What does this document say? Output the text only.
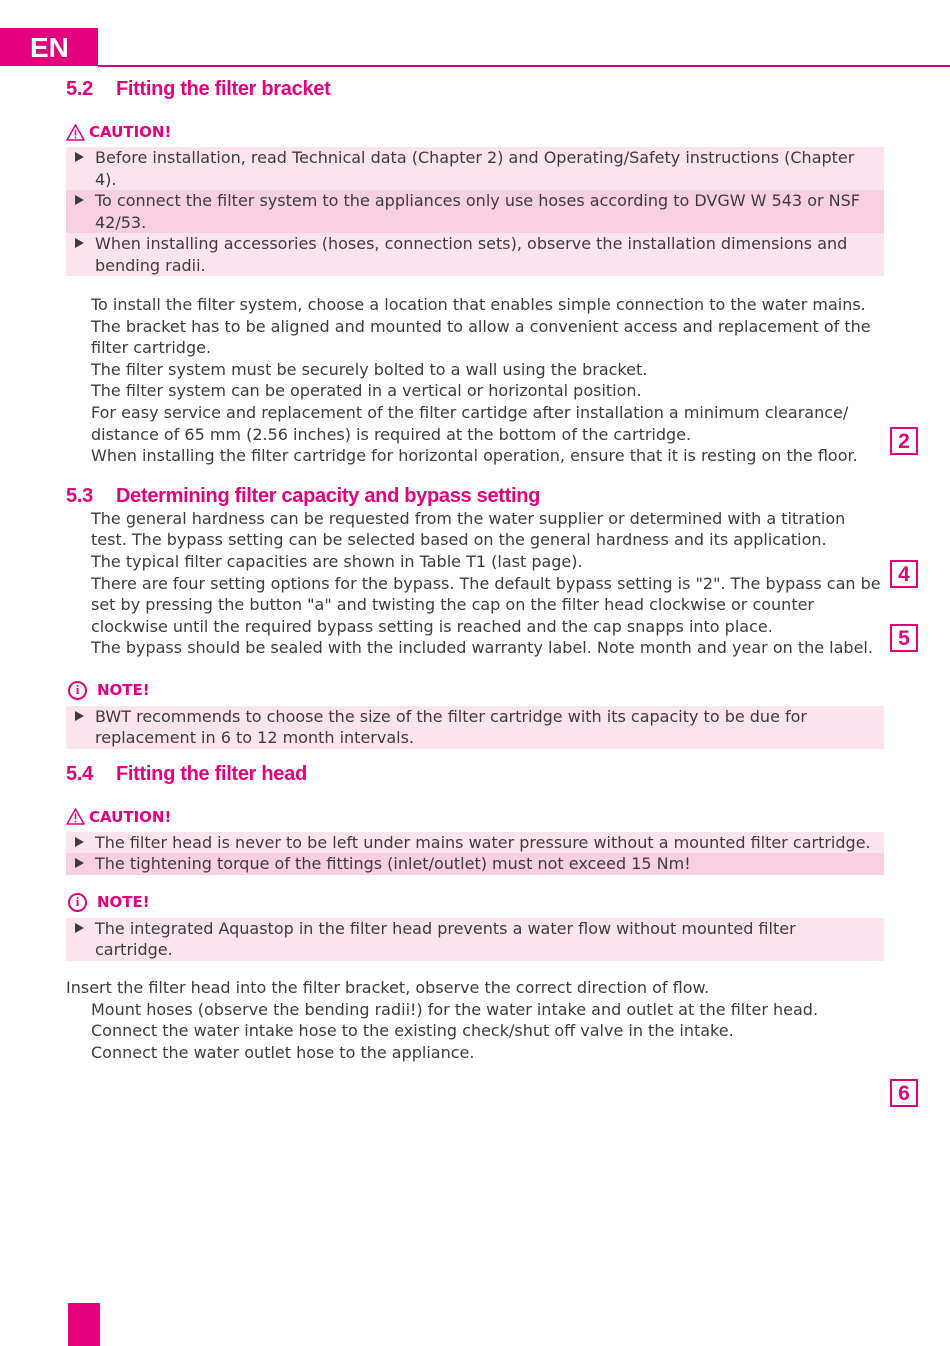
EN
5.2 Fitting the filter bracket
CAUTION!
Before installation, read Technical data (Chapter 2) and Operating/Safety instructions (Chapter 4).
To connect the filter system to the appliances only use hoses according to DVGW W 543 or NSF 42/53.
When installing accessories (hoses, connection sets), observe the installation dimensions and bending radii.

To install the filter system, choose a location that enables simple connection to the water mains.

The bracket has to be aligned and mounted to allow a convenient access and replacement of the filter cartridge.

The filter system must be securely bolted to a wall using the bracket.

The filter system can be operated in a vertical or horizontal position.

For easy service and replacement of the filter cartidge after installation a minimum clearance/ distance of 65 mm (2.56 inches) is required at the bottom of the cartridge.

When installing the filter cartridge for horizontal operation, ensure that it is resting on the floor.

5.3 Determining filter capacity and bypass setting

The general hardness can be requested from the water supplier or determined with a titration test. The bypass setting can be selected based on the general hardness and its application.

The typical filter capacities are shown in Table T1 (last page).

There are four setting options for the bypass. The default bypass setting is "2". The bypass can be set by pressing the button "a" and twisting the cap on the filter head clockwise or counter clockwise until the required bypass setting is reached and the cap snapps into place.

The bypass should be sealed with the included warranty label. Note month and year on the label.

i	NOTE!
BWT recommends to choose the size of the filter cartridge with its capacity to be due for replacement in 6 to 12 month intervals.
5.4 Fitting the filter head
CAUTION!
The filter head is never to be left under mains water pressure without a mounted filter cartridge.
The tightening torque of the fittings (inlet/outlet) must not exceed 15 Nm!
i	NOTE!
The integrated Aquastop in the filter head prevents a water flow without mounted filter cartridge.

Insert the filter head into the filter bracket, observe the correct direction of flow.

Mount hoses (observe the bending radii!) for the water intake and outlet at the filter head.

Connect the water intake hose to the existing check/shut off valve in the intake.

Connect the water outlet hose to the appliance.

2
4
5
6
